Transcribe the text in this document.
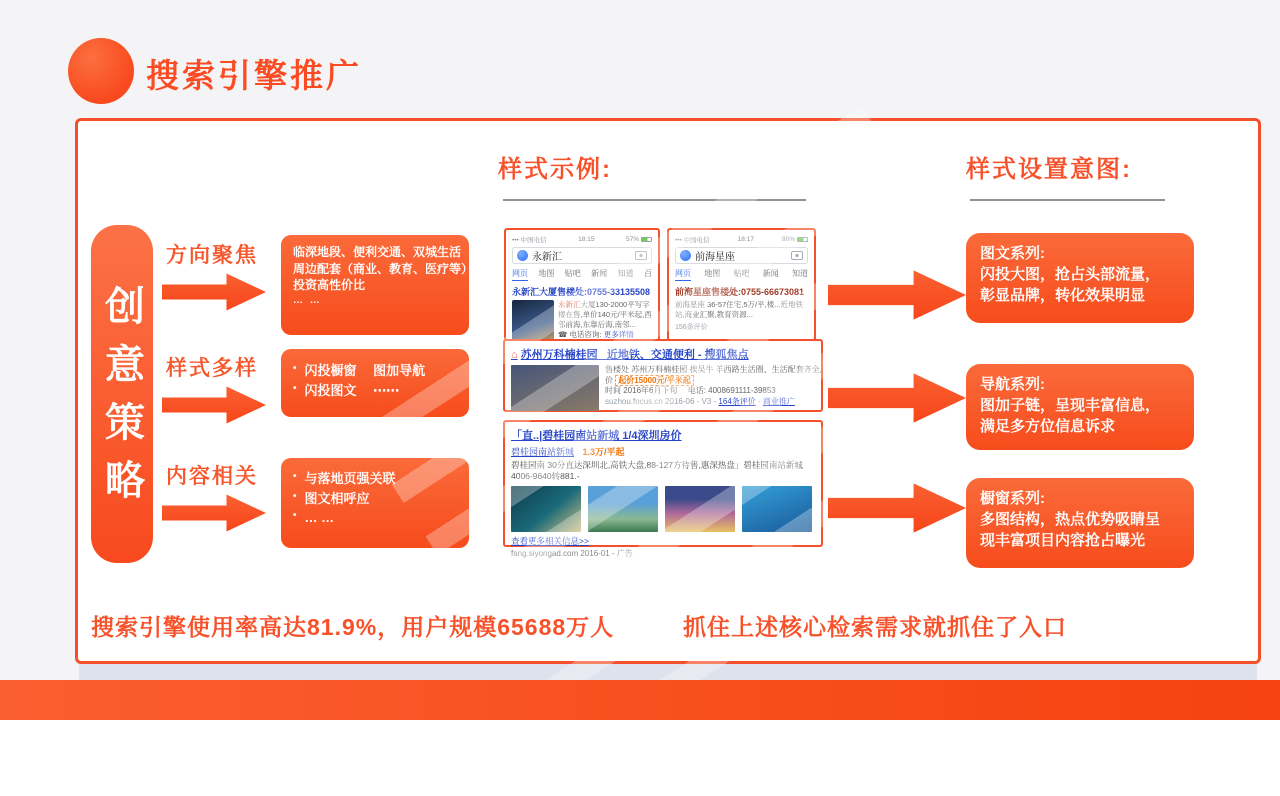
搜索引擎推广
创意策略
方向聚焦	临深地段、便利交通、双城生活
周边配套（商业、教育、医疗等）
投资高性价比
… …
样式多样	• 闪投橱窗　 图加导航
• 闪投图文　 ⋯⋯
内容相关	• 与落地页强关联
• 图文相呼应
• … …
样式示例:
••• 中国电信	18:15	57%
永新汇
网页 地图 贴吧 新闻 知道 百
永新汇大厦售楼处:0755-33135508
永新汇大厦130-2000平写字楼在售,单价140元/平米起,西邻前海,东靠后海,南邻...
☎ 电话咨询: 更多详情
••• 中国电信	18:17	80%
前海星座
网页 地图 贴吧 新闻 知道
前海星座售楼处:0755-66673081
前海星座 36-57住宅,5万/平,楼...近地铁站,商业汇聚,教育资源...
156条评价
⌂ 苏州万科楠桂园_ 近地铁、交通便利 - 搜狐焦点
售楼处 苏州万科楠桂园 挨吴牛 羊西路生活圈、生活配套齐全,
价 起价15000元/平米起
时间 2016年6月下旬　 电话: 4008691111-39853
suzhou.focus.cn 2016-06 - V3 - 164条评价 - 商业推广
「直..|碧桂园南站新城 1/4深圳房价
碧桂园南站新城 1.3万/平起
碧桂园南 30分直达深圳北,高铁大盘,88-127方待售,惠深热盘」碧桂园南站新城 4006-9640转881.-
查看更多相关信息>>
fang.siyongad.com 2016-01 - 广告
样式设置意图:
图文系列:
闪投大图，抢占头部流量，
彰显品牌，转化效果明显
导航系列:
图加子链，呈现丰富信息，
满足多方位信息诉求
橱窗系列:
多图结构，热点优势吸睛呈
现丰富项目内容抢占曝光
搜索引擎使用率高达81.9%，用户规模65688万人	抓住上述核心检索需求就抓住了入口
